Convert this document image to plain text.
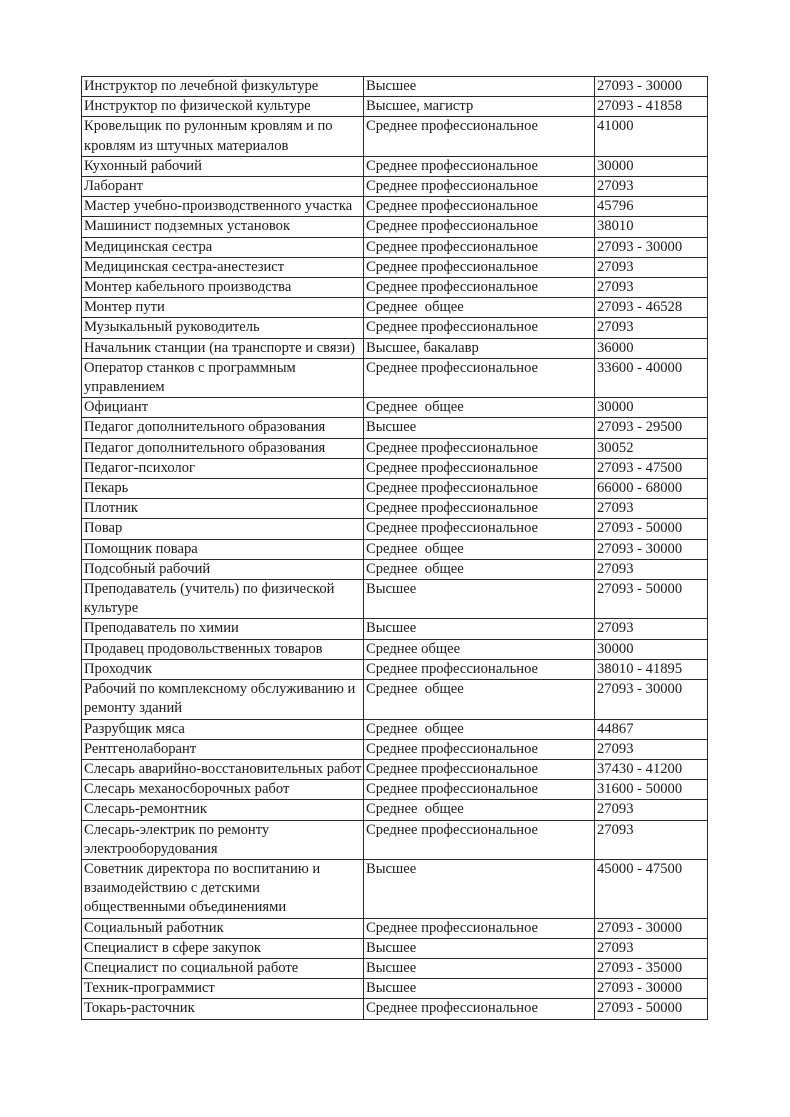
Инструктор по лечебной физкультуре	Высшее	27093 - 30000
Инструктор по физической культуре	Высшее, магистр	27093 - 41858
Кровельщик по рулонным кровлям и по кровлям из штучных материалов	Среднее профессиональное	41000
Кухонный рабочий	Среднее профессиональное	30000
Лаборант	Среднее профессиональное	27093
Мастер учебно-производственного участка	Среднее профессиональное	45796
Машинист подземных установок	Среднее профессиональное	38010
Медицинская сестра	Среднее профессиональное	27093 - 30000
Медицинская сестра-анестезист	Среднее профессиональное	27093
Монтер кабельного производства	Среднее профессиональное	27093
Монтер пути	Среднее  общее	27093 - 46528
Музыкальный руководитель	Среднее профессиональное	27093
Начальник станции (на транспорте и связи)	Высшее, бакалавр	36000
Оператор станков с программным управлением	Среднее профессиональное	33600 - 40000
Официант	Среднее  общее	30000
Педагог дополнительного образования	Высшее	27093 - 29500
Педагог дополнительного образования	Среднее профессиональное	30052
Педагог-психолог	Среднее профессиональное	27093 - 47500
Пекарь	Среднее профессиональное	66000 - 68000
Плотник	Среднее профессиональное	27093
Повар	Среднее профессиональное	27093 - 50000
Помощник повара	Среднее  общее	27093 - 30000
Подсобный рабочий	Среднее  общее	27093
Преподаватель (учитель) по физической культуре	Высшее	27093 - 50000
Преподаватель по химии	Высшее	27093
Продавец продовольственных товаров	Среднее общее	30000
Проходчик	Среднее профессиональное	38010 - 41895
Рабочий по комплексному обслуживанию и ремонту зданий	Среднее  общее	27093 - 30000
Разрубщик мяса	Среднее  общее	44867
Рентгенолаборант	Среднее профессиональное	27093
Слесарь аварийно-восстановительных работ	Среднее профессиональное	37430 - 41200
Слесарь механосборочных работ	Среднее профессиональное	31600 - 50000
Слесарь-ремонтник	Среднее  общее	27093
Слесарь-электрик по ремонту электрооборудования	Среднее профессиональное	27093
Советник директора по воспитанию и взаимодействию с детскими общественными объединениями	Высшее	45000 - 47500
Социальный работник	Среднее профессиональное	27093 - 30000
Специалист в сфере закупок	Высшее	27093
Специалист по социальной работе	Высшее	27093 - 35000
Техник-программист	Высшее	27093 - 30000
Токарь-расточник	Среднее профессиональное	27093 - 50000
